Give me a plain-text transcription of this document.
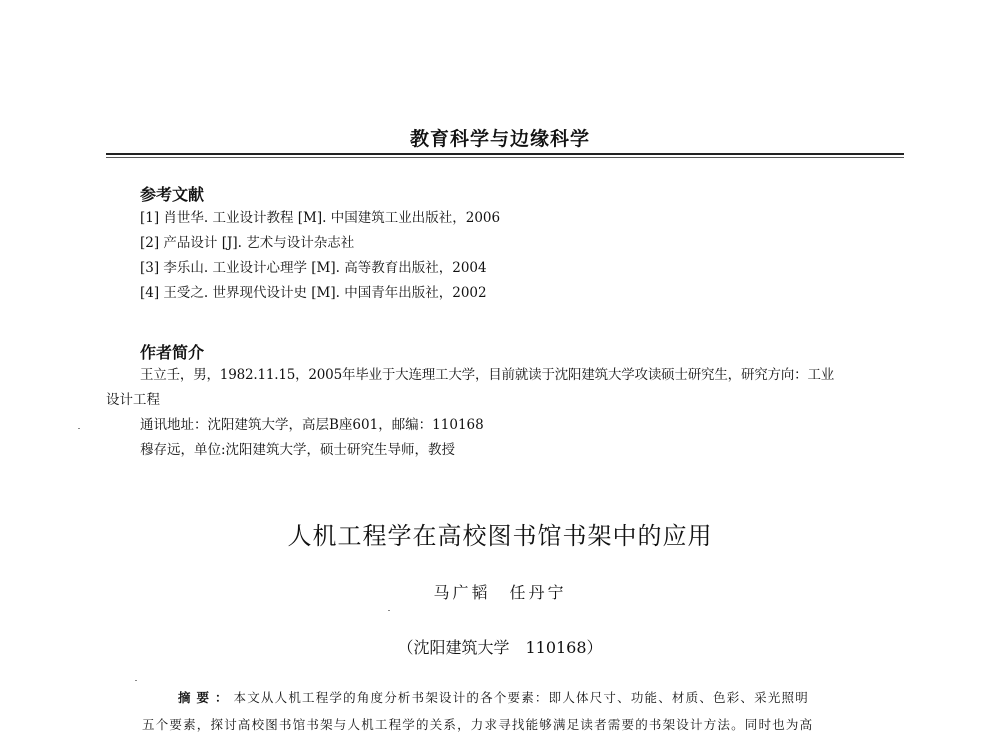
教育科学与边缘科学
参考文献
[1] 肖世华. 工业设计教程 [M]. 中国建筑工业出版社，2006
[2] 产品设计 [J]. 艺术与设计杂志社
[3] 李乐山. 工业设计心理学 [M]. 高等教育出版社，2004
[4] 王受之. 世界现代设计史 [M]. 中国青年出版社，2002
作者简介
王立壬，男，1982.11.15，2005年毕业于大连理工大学，目前就读于沈阳建筑大学攻读硕士研究生，研究方向：工业
设计工程
通讯地址：沈阳建筑大学，高层B座601，邮编：110168
穆存远，单位:沈阳建筑大学，硕士研究生导师，教授
人机工程学在高校图书馆书架中的应用
马广韬　任丹宁
（沈阳建筑大学　110168）
摘要：本文从人机工程学的角度分析书架设计的各个要素：即人体尺寸、功能、材质、色彩、采光照明
五个要素，探讨高校图书馆书架与人机工程学的关系，力求寻找能够满足读者需要的书架设计方法。同时也为高
